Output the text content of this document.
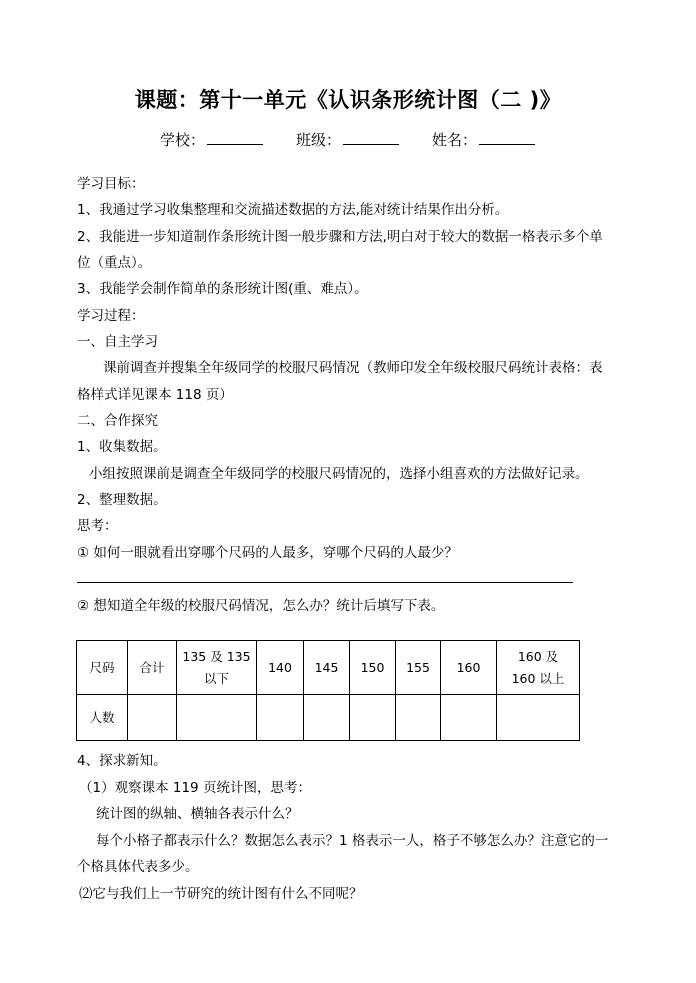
课题：第十一单元《认识条形统计图（二 )》
学校：	班级：	姓名：
学习目标：
1、我通过学习收集整理和交流描述数据的方法,能对统计结果作出分析。
2、我能进一步知道制作条形统计图一般步骤和方法,明白对于较大的数据一格表示多个单
位（重点）。
3、我能学会制作简单的条形统计图(重、难点）。
学习过程：
一、自主学习
课前调查并搜集全年级同学的校服尺码情况（教师印发全年级校服尺码统计表格：表
格样式详见课本 118 页）
二、合作探究
1、收集数据。
小组按照课前是调查全年级同学的校服尺码情况的，选择小组喜欢的方法做好记录。
2、整理数据。
思考：
① 如何一眼就看出穿哪个尺码的人最多，穿哪个尺码的人最少？
② 想知道全年级的校服尺码情况，怎么办？统计后填写下表。
尺码	合计	135 及 135
以下	140	145	150	155	160	160 及
160 以上
人数								
4、探求新知。
（1）观察课本 119 页统计图，思考：
统计图的纵轴、横轴各表示什么？
每个小格子都表示什么？数据怎么表示？1 格表示一人，格子不够怎么办？注意它的一
个格具体代表多少。
⑵它与我们上一节研究的统计图有什么不同呢？
